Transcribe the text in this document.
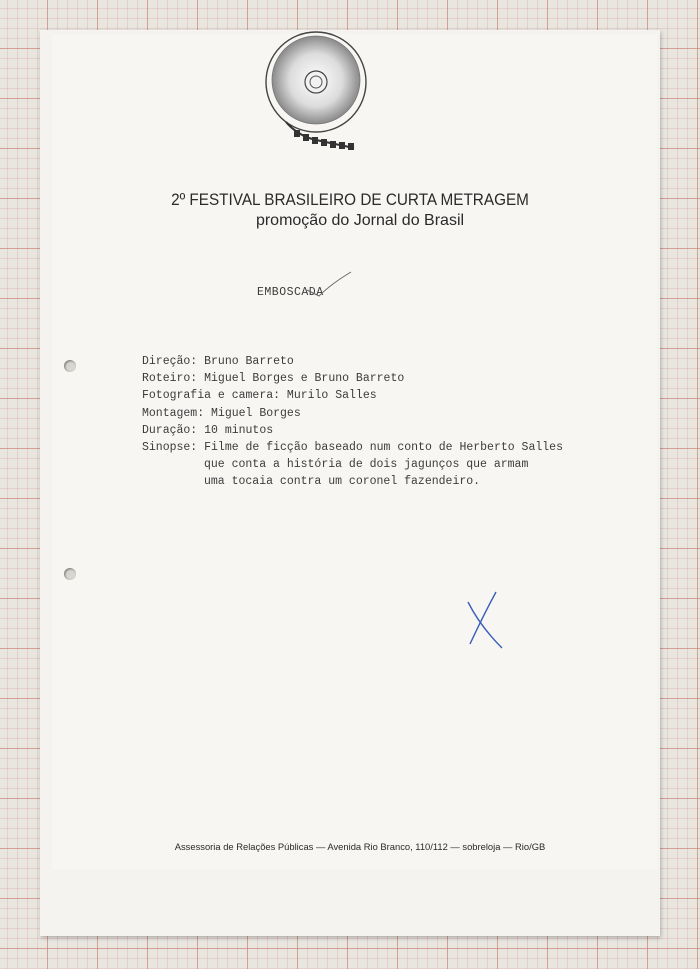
2º FESTIVAL BRASILEIRO DE CURTA METRAGEM
promoção do Jornal do Brasil
EMBOSCADA
Direção: Bruno Barreto
Roteiro: Miguel Borges e Bruno Barreto
Fotografia e camera: Murilo Salles
Montagem: Miguel Borges
Duração: 10 minutos
Sinopse: Filme de ficção baseado num conto de Herberto Salles
que conta a história de dois jagunços que armam
uma tocaia contra um coronel fazendeiro.
Assessoria de Relações Públicas — Avenida Rio Branco, 110/112 — sobreloja — Rio/GB
